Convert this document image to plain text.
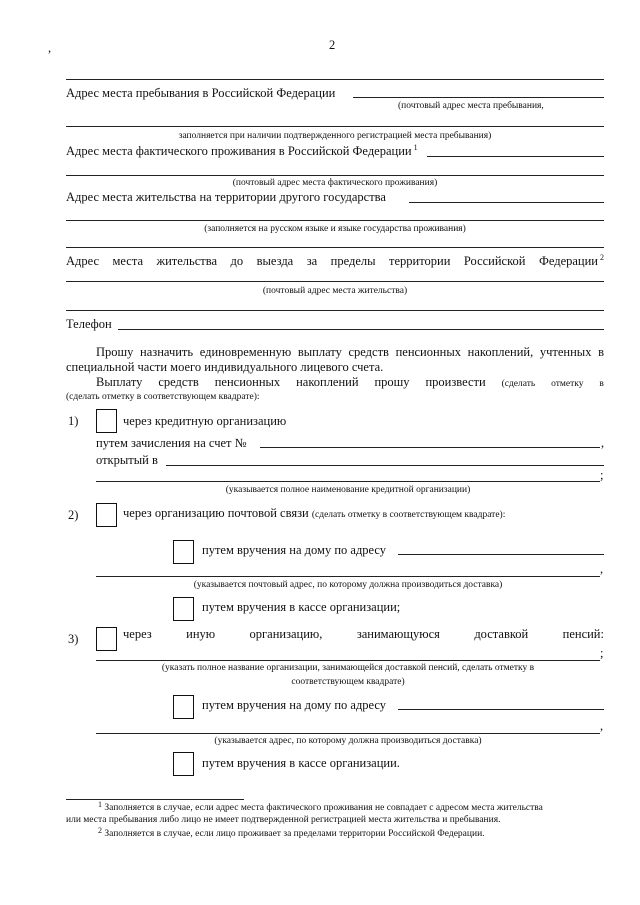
2
,
Адрес места пребывания в Российской Федерации
(почтовый адрес места пребывания,
заполняется при наличии подтвержденного регистрацией места пребывания)
Адрес места фактического проживания в Российской Федерации $^1$
(почтовый адрес места фактического проживания)
Адрес места жительства на территории другого государства
(заполняется на русском языке и языке государства проживания)
Адрес места жительства до выезда за пределы территории Российской Федерации $^2$
(почтовый адрес места жительства)
Телефон
Прошу назначить единовременную выплату средств пенсионных накоплений, учтенных в специальной части моего индивидуального лицевого счета.
Выплату средств пенсионных накоплений прошу произвести (сделать отметку в
(сделать отметку в соответствующем квадрате):
1)	через кредитную организацию
путем зачисления на счет №	,
открытый в
;
(указывается полное наименование кредитной организации)
2)	через организацию почтовой связи (сделать отметку в соответствующем квадрате):
путем вручения на дому по адресу
,
(указывается почтовый адрес, по которому должна производиться доставка)
путем вручения в кассе организации;
3)	через	иную	организацию,	занимающуюся	доставкой	пенсий:
;
(указать полное название организации, занимающейся доставкой пенсий, сделать отметку в
соответствующем квадрате)
путем вручения на дому по адресу
,
(указывается адрес, по которому должна производиться доставка)
путем вручения в кассе организации.
$^1$ Заполняется в случае, если адрес места фактического проживания не совпадает с адресом места жительства
или места пребывания либо лицо не имеет подтвержденной регистрацией места жительства и пребывания.
$^2$ Заполняется в случае, если лицо проживает за пределами территории Российской Федерации.
